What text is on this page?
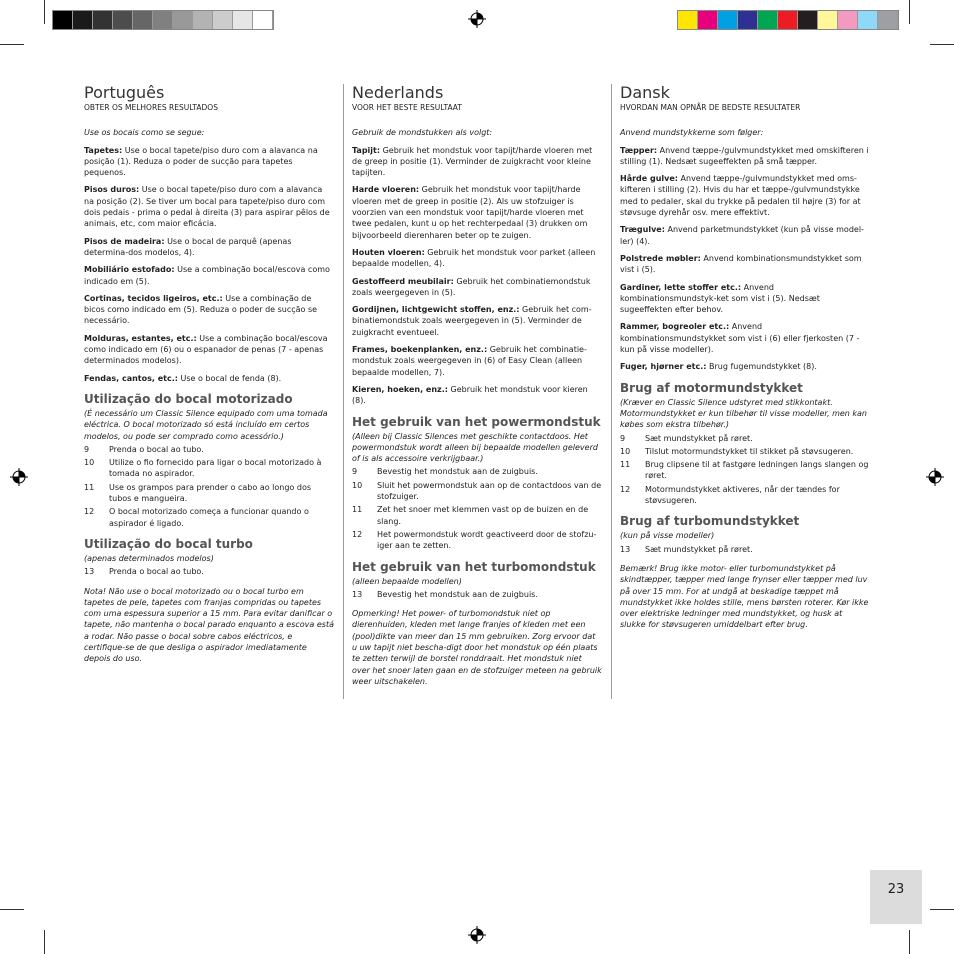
Português
OBTER OS MELHORES RESULTADOS

Use os bocais como se segue:

Tapetes: Use o bocal tapete/piso duro com a alavanca na posição (1). Reduza o poder de sucção para tapetes pequenos.

Pisos duros: Use o bocal tapete/piso duro com a alavanca na posição (2). Se tiver um bocal para tapete/piso duro com dois pedais - prima o pedal à direita (3) para aspirar pêlos de animais, etc, com maior eficácia.

Pisos de madeira: Use o bocal de parquê (apenas determina-dos modelos, 4).

Mobiliário estofado: Use a combinação bocal/escova como indicado em (5).

Cortinas, tecidos ligeiros, etc.: Use a combinação de bicos como indicado em (5). Reduza o poder de sucção se necessário.

Molduras, estantes, etc.: Use a combinação bocal/escova como indicado em (6) ou o espanador de penas (7 - apenas determinados modelos).

Fendas, cantos, etc.: Use o bocal de fenda (8).

Utilização do bocal motorizado
(É necessário um Classic Silence equipado com uma tomada eléctrica. O bocal motorizado só está incluído em certos modelos, ou pode ser comprado como acessório.)
9	Prenda o bocal ao tubo.
10	Utilize o fio fornecido para ligar o bocal motorizado à tomada no aspirador.
11	Use os grampos para prender o cabo ao longo dos tubos e mangueira.
12	O bocal motorizado começa a funcionar quando o aspirador é ligado.
Utilização do bocal turbo
(apenas determinados modelos)
13	Prenda o bocal ao tubo.

Nota! Não use o bocal motorizado ou o bocal turbo em tapetes de pele, tapetes com franjas compridas ou tapetes com uma espessura superior a 15 mm. Para evitar danificar o tapete, não mantenha o bocal parado enquanto a escova está a rodar. Não passe o bocal sobre cabos eléctricos, e certifique-se de que desliga o aspirador imediatamente depois do uso.

Nederlands
VOOR HET BESTE RESULTAAT

Gebruik de mondstukken als volgt:

Tapijt: Gebruik het mondstuk voor tapijt/harde vloeren met de greep in positie (1). Verminder de zuigkracht voor kleine tapijten.

Harde vloeren: Gebruik het mondstuk voor tapijt/harde vloeren met de greep in positie (2). Als uw stofzuiger is voorzien van een mondstuk voor tapijt/harde vloeren met twee pedalen, kunt u op het rechterpedaal (3) drukken om bijvoorbeeld dierenharen beter op te zuigen.

Houten vloeren: Gebruik het mondstuk voor parket (alleen bepaalde modellen, 4).

Gestoffeerd meubilair: Gebruik het combinatiemondstuk zoals weergegeven in (5).

Gordijnen, lichtgewicht stoffen, enz.: Gebruik het com-binatiemondstuk zoals weergegeven in (5). Verminder de zuigkracht eventueel.

Frames, boekenplanken, enz.: Gebruik het combinatie-mondstuk zoals weergegeven in (6) of Easy Clean (alleen bepaalde modellen, 7).

Kieren, hoeken, enz.: Gebruik het mondstuk voor kieren (8).

Het gebruik van het powermondstuk
(Alleen bij Classic Silences met geschikte contactdoos. Het powermondstuk wordt alleen bij bepaalde modellen geleverd of is als accessoire verkrijgbaar.)
9	Bevestig het mondstuk aan de zuigbuis.
10	Sluit het powermondstuk aan op de contactdoos van de stofzuiger.
11	Zet het snoer met klemmen vast op de buizen en de slang.
12	Het powermondstuk wordt geactiveerd door de stofzu-iger aan te zetten.
Het gebruik van het turbomondstuk
(alleen bepaalde modellen)
13	Bevestig het mondstuk aan de zuigbuis.

Opmerking! Het power- of turbomondstuk niet op dierenhuiden, kleden met lange franjes of kleden met een (pool)dikte van meer dan 15 mm gebruiken. Zorg ervoor dat u uw tapijt niet bescha-digt door het mondstuk op één plaats te zetten terwijl de borstel ronddraait. Het mondstuk niet over het snoer laten gaan en de stofzuiger meteen na gebruik weer uitschakelen.

Dansk
HVORDAN MAN OPNÅR DE BEDSTE RESULTATER

Anvend mundstykkerne som følger:

Tæpper: Anvend tæppe-/gulvmundstykket med omskifteren i stilling (1). Nedsæt sugeeffekten på små tæpper.

Hårde gulve: Anvend tæppe-/gulvmundstykket med oms-kifteren i stilling (2). Hvis du har et tæppe-/gulvmundstykke med to pedaler, skal du trykke på pedalen til højre (3) for at støvsuge dyrehår osv. mere effektivt.

Trægulve: Anvend parketmundstykket (kun på visse model-ler) (4).

Polstrede møbler: Anvend kombinationsmundstykket som vist i (5).

Gardiner, lette stoffer etc.: Anvend kombinationsmundstyk-ket som vist i (5). Nedsæt sugeeffekten efter behov.

Rammer, bogreoler etc.: Anvend kombinationsmundstykket som vist i (6) eller fjerkosten (7 - kun på visse modeller).

Fuger, hjørner etc.: Brug fugemundstykket (8).

Brug af motormundstykket
(Kræver en Classic Silence udstyret med stikkontakt. Motormundstykket er kun tilbehør til visse modeller, men kan købes som ekstra tilbehør.)
9	Sæt mundstykket på røret.
10	Tilslut motormundstykket til stikket på støvsugeren.
11	Brug clipsene til at fastgøre ledningen langs slangen og røret.
12	Motormundstykket aktiveres, når der tændes for støvsugeren.
Brug af turbomundstykket
(kun på visse modeller)
13	Sæt mundstykket på røret.

Bemærk! Brug ikke motor- eller turbomundstykket på skindtæpper, tæpper med lange frynser eller tæpper med luv på over 15 mm. For at undgå at beskadige tæppet må mundstykket ikke holdes stille, mens børsten roterer. Kør ikke over elektriske ledninger med mundstykket, og husk at slukke for støvsugeren umiddelbart efter brug.

23
